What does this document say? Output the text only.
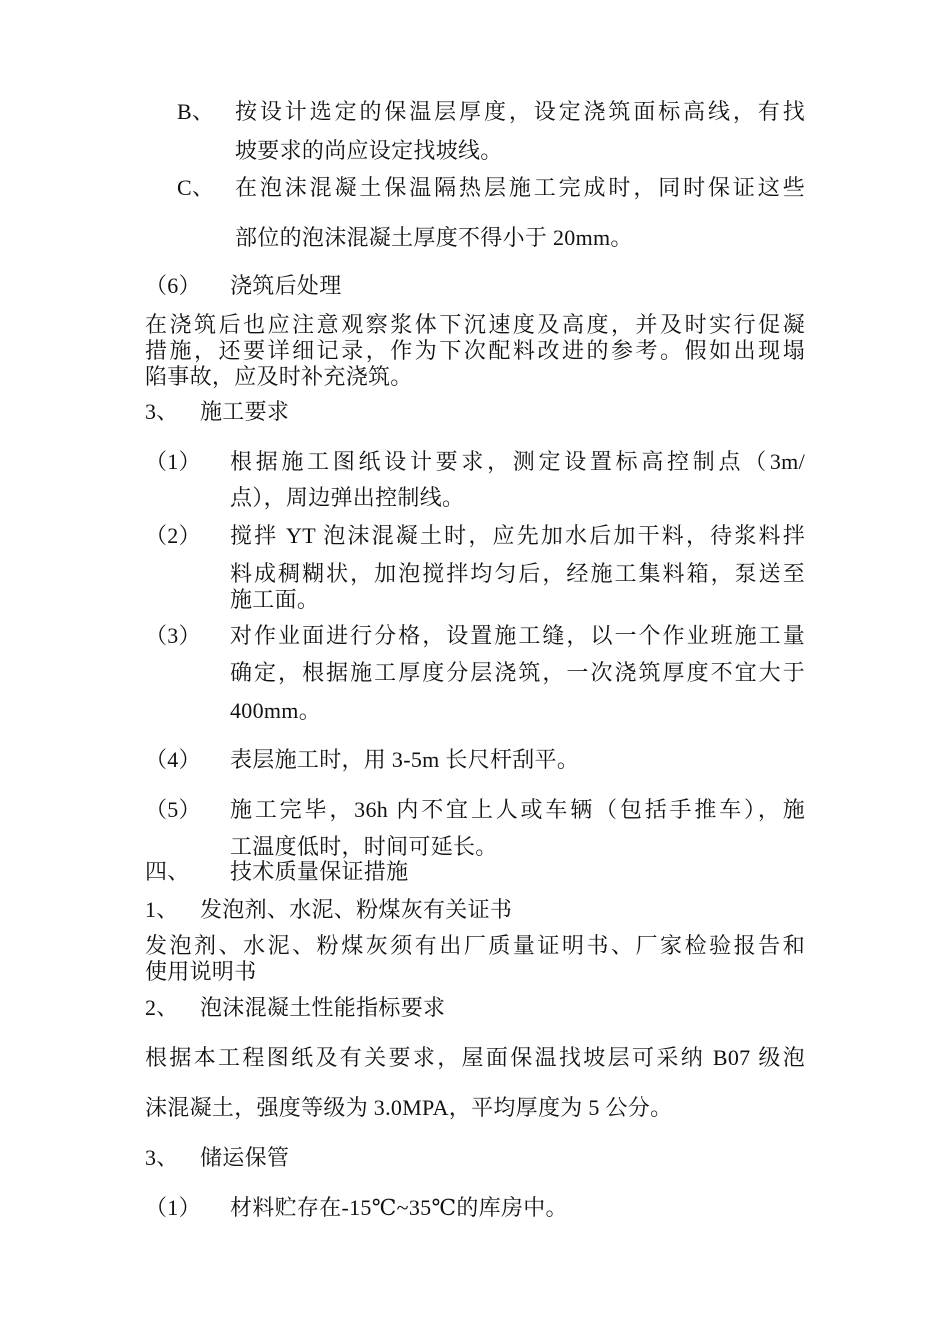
B、 按设计选定的保温层厚度，设定浇筑面标高线，有找
坡要求的尚应设定找坡线。
C、 在泡沫混凝土保温隔热层施工完成时，同时保证这些
部位的泡沫混凝土厚度不得小于 20mm。
（6） 浇筑后处理
在浇筑后也应注意观察浆体下沉速度及高度，并及时实行促凝
措施，还要详细记录，作为下次配料改进的参考。假如出现塌
陷事故，应及时补充浇筑。
3、 施工要求
（1） 根据施工图纸设计要求，测定设置标高控制点（3m/
点），周边弹出控制线。
（2） 搅拌 YT 泡沫混凝土时，应先加水后加干料，待浆料拌
料成稠糊状，加泡搅拌均匀后，经施工集料箱，泵送至
施工面。
（3） 对作业面进行分格，设置施工缝，以一个作业班施工量
确定，根据施工厚度分层浇筑，一次浇筑厚度不宜大于
400mm。
（4） 表层施工时，用 3-5m 长尺杆刮平。
（5） 施工完毕，36h 内不宜上人或车辆（包括手推车），施
工温度低时，时间可延长。
四、 技术质量保证措施
1、 发泡剂、水泥、粉煤灰有关证书
发泡剂、水泥、粉煤灰须有出厂质量证明书、厂家检验报告和
使用说明书
2、 泡沫混凝土性能指标要求
根据本工程图纸及有关要求，屋面保温找坡层可采纳 B07 级泡
沫混凝土，强度等级为 3.0MPA，平均厚度为 5 公分。
3、 储运保管
（1） 材料贮存在-15℃~35℃的库房中。
